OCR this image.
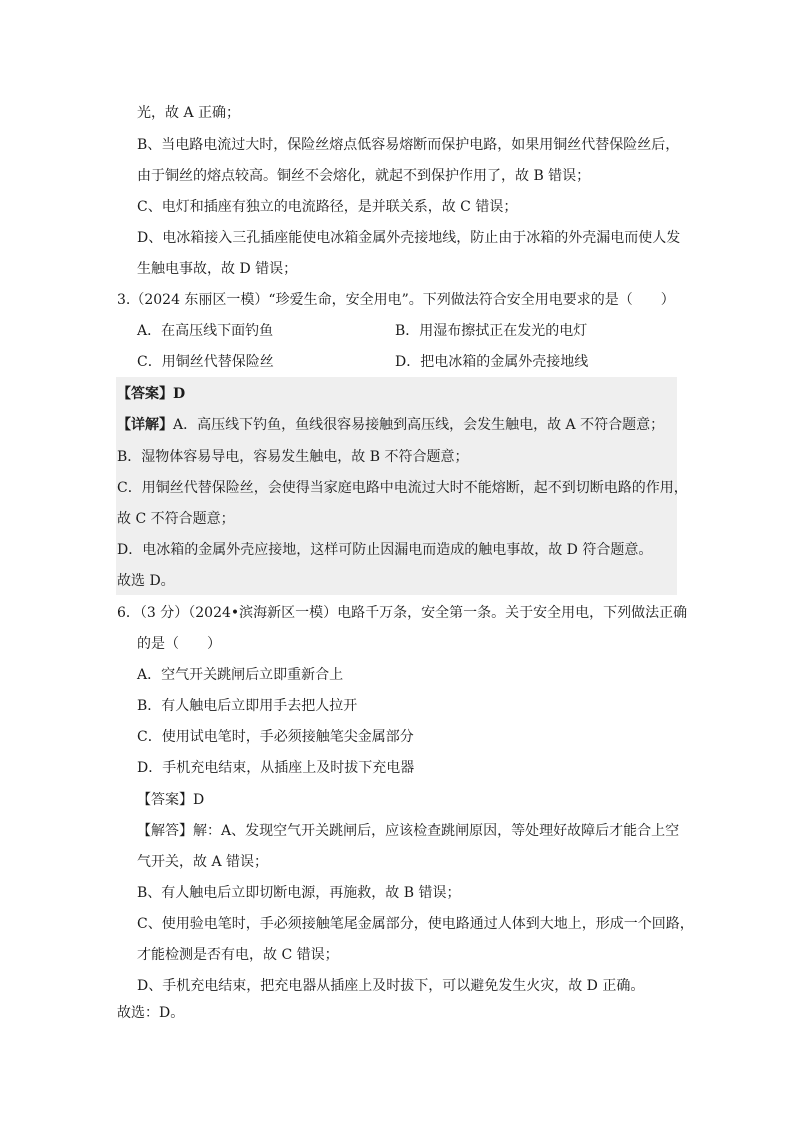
光，故 A 正确；
B、当电路电流过大时，保险丝熔点低容易熔断而保护电路，如果用铜丝代替保险丝后，
由于铜丝的熔点较高。铜丝不会熔化，就起不到保护作用了，故 B 错误；
C、电灯和插座有独立的电流路径，是并联关系，故 C 错误；
D、电冰箱接入三孔插座能使电冰箱金属外壳接地线，防止由于冰箱的外壳漏电而使人发
生触电事故，故 D 错误；
3.（2024 东丽区一模）“珍爱生命，安全用电”。下列做法符合安全用电要求的是（　　）
A．在高压线下面钓鱼	B．用湿布擦拭正在发光的电灯
C．用铜丝代替保险丝	D．把电冰箱的金属外壳接地线
【答案】D
【详解】A．高压线下钓鱼，鱼线很容易接触到高压线，会发生触电，故 A 不符合题意；
B．湿物体容易导电，容易发生触电，故 B 不符合题意；
C．用铜丝代替保险丝，会使得当家庭电路中电流过大时不能熔断，起不到切断电路的作用，
故 C 不符合题意；
D．电冰箱的金属外壳应接地，这样可防止因漏电而造成的触电事故，故 D 符合题意。
故选 D。
6．（3 分）（2024•滨海新区一模）电路千万条，安全第一条。关于安全用电，下列做法正确
的是（　　）
A．空气开关跳闸后立即重新合上
B．有人触电后立即用手去把人拉开
C．使用试电笔时，手必须接触笔尖金属部分
D．手机充电结束，从插座上及时拔下充电器
【答案】D
【解答】解：A、发现空气开关跳闸后，应该检查跳闸原因，等处理好故障后才能合上空
气开关，故 A 错误；
B、有人触电后立即切断电源，再施救，故 B 错误；
C、使用验电笔时，手必须接触笔尾金属部分，使电路通过人体到大地上，形成一个回路，
才能检测是否有电，故 C 错误；
D、手机充电结束，把充电器从插座上及时拔下，可以避免发生火灾，故 D 正确。
故选：D。
